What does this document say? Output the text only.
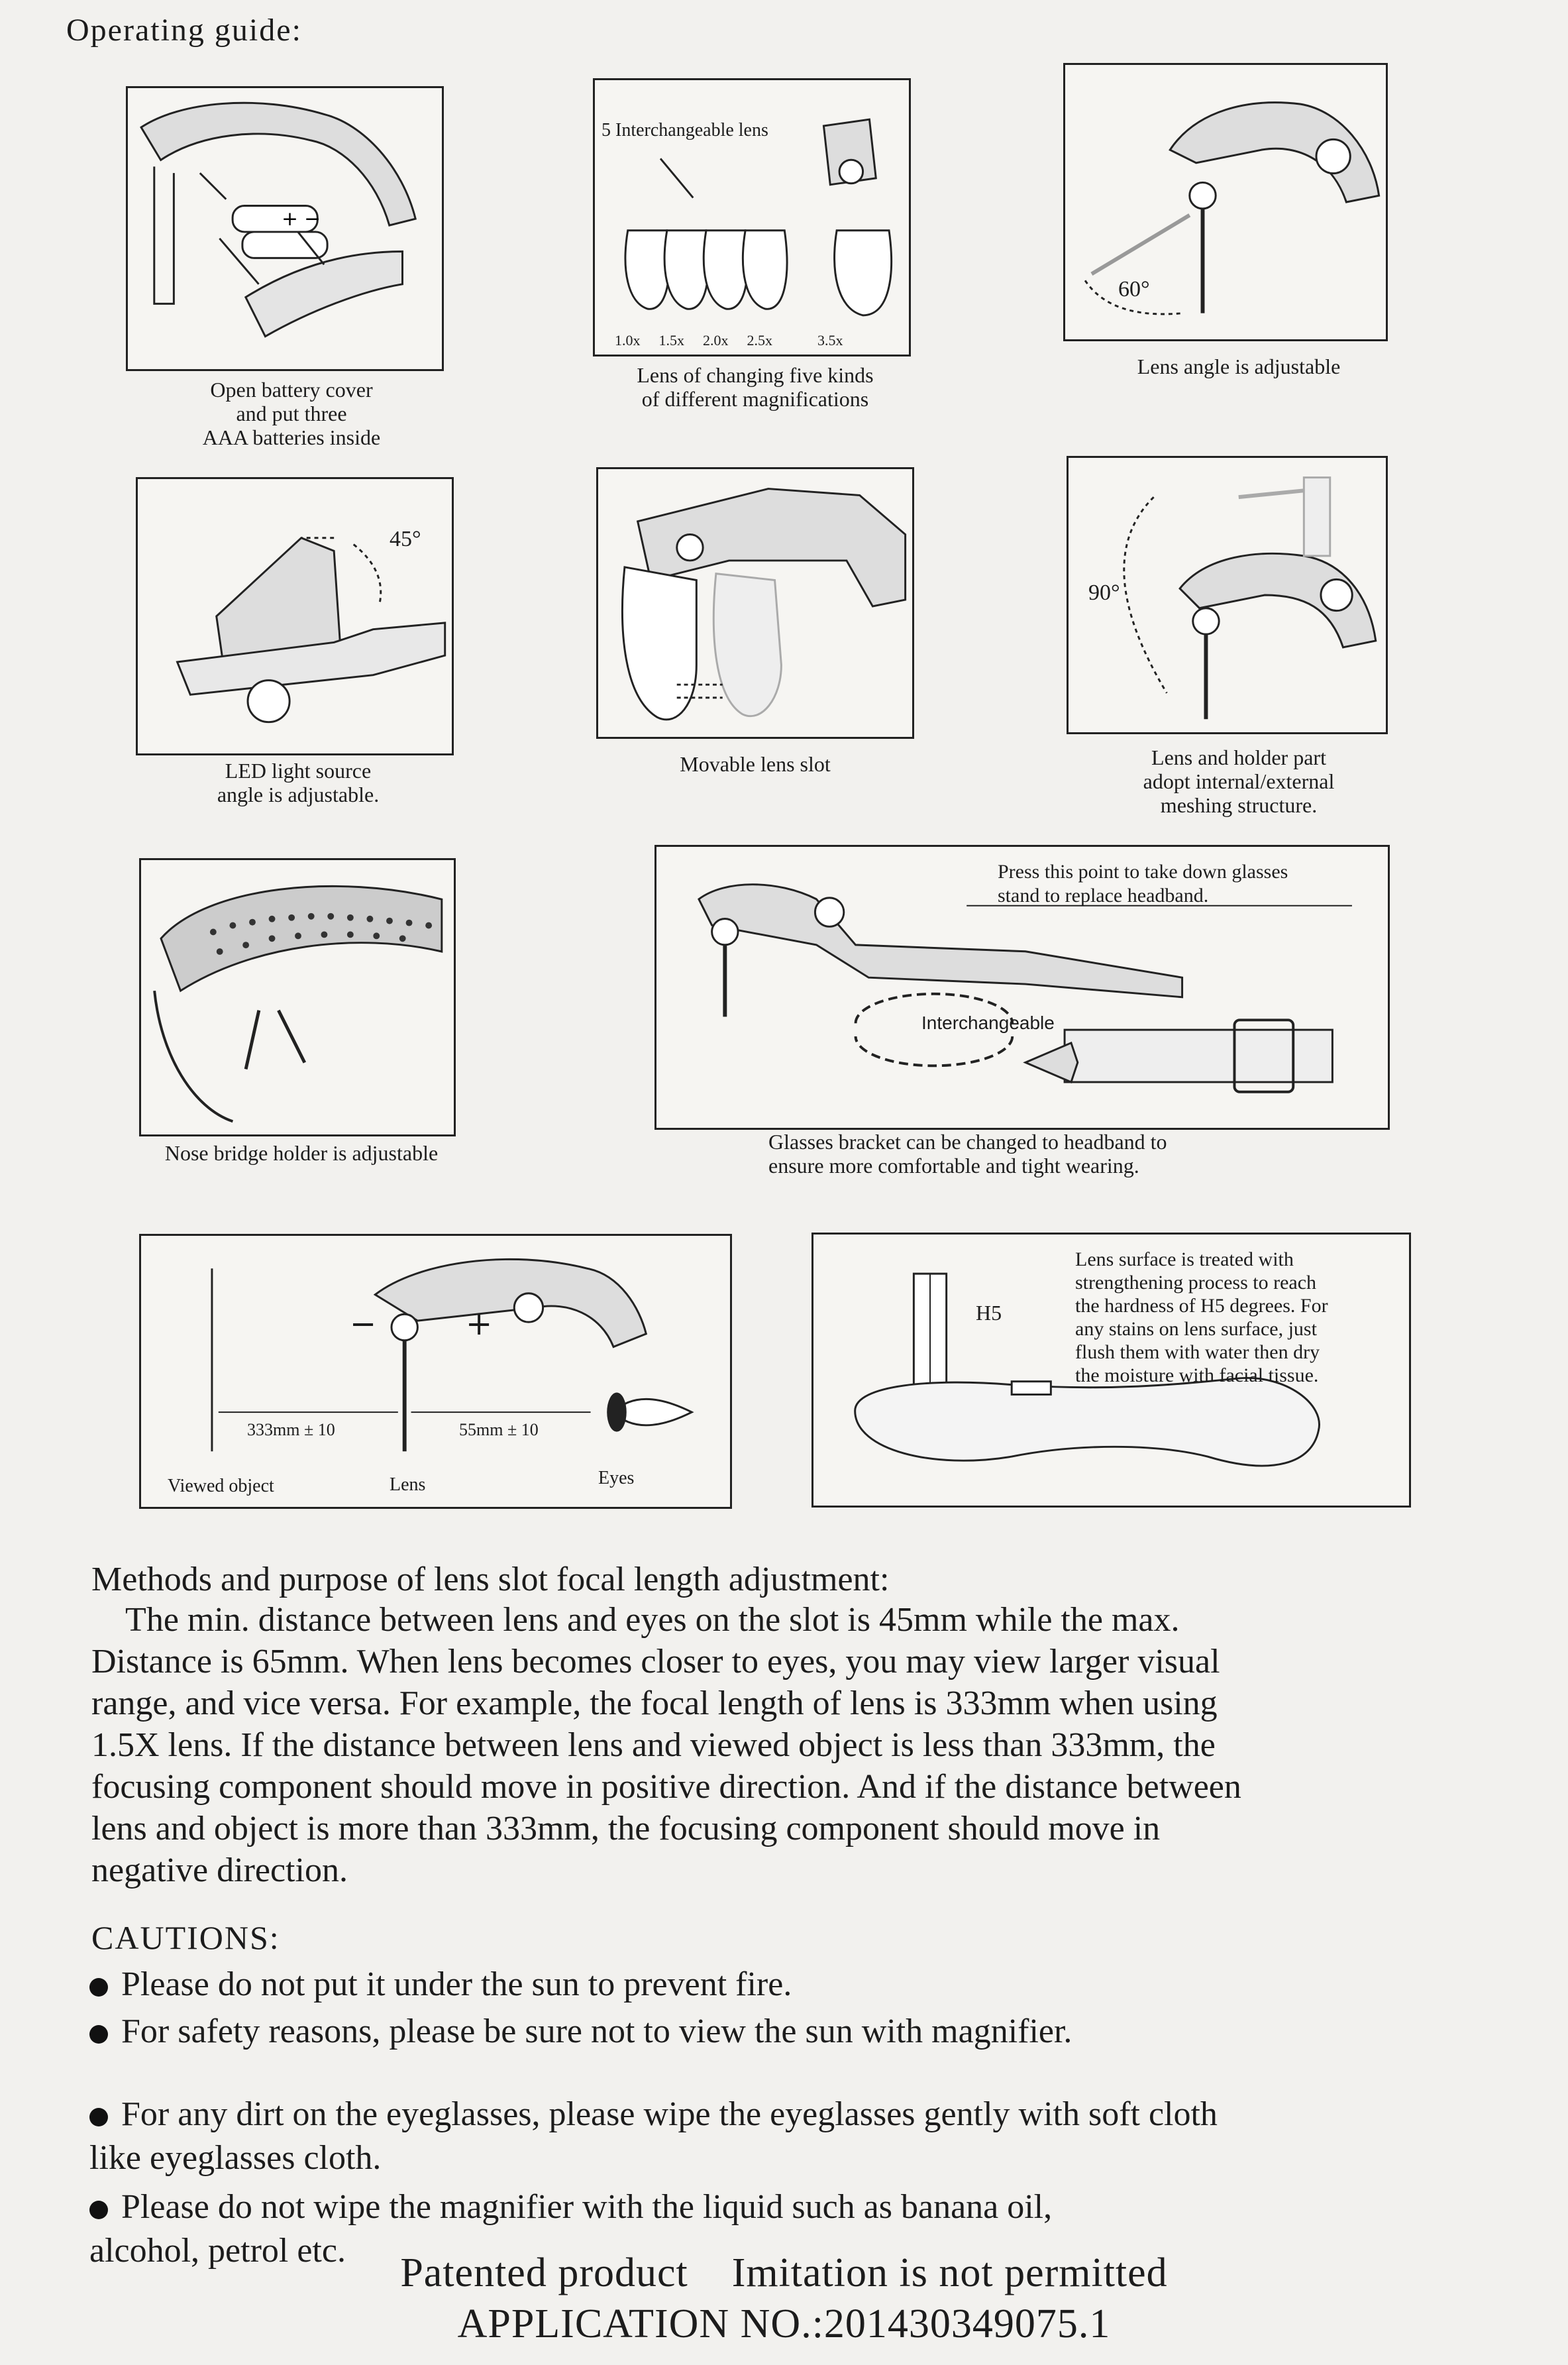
Operating guide:
+ −
Open battery cover
and put three
AAA batteries inside
5 Interchangeable lens
1.0x 1.5x 2.0x 2.5x	3.5x
Lens of changing five kinds
of different magnifications
60°
Lens angle is adjustable
45°
LED light source
angle is adjustable.
Movable lens slot
90°
Lens and holder part
adopt internal/external
meshing structure.
Nose bridge holder is adjustable
Press this point to take down glasses
stand to replace headband.
Interchangeable
Glasses bracket can be changed to headband to
ensure more comfortable and tight wearing.
−	+
333mm ± 10	55mm ± 10
Viewed object	Lens	Eyes
H5
Lens surface is treated with
strengthening process to reach
the hardness of H5 degrees. For
any stains on lens surface, just
flush them with water then dry
the moisture with facial tissue.
Methods and purpose of lens slot focal length adjustment:
The min. distance between lens and eyes on the slot is 45mm while the max.
Distance is 65mm. When lens becomes closer to eyes, you may view larger visual
range, and vice versa. For example, the focal length of lens is 333mm when using
1.5X lens. If the distance between lens and viewed object is less than 333mm, the
focusing component should move in positive direction. And if the distance between
lens and object is more than 333mm, the focusing component should move in
negative direction.
CAUTIONS:
Please do not put it under the sun to prevent fire.
For safety reasons, please be sure not to view the sun with magnifier.

For any dirt on the eyeglasses, please wipe the eyeglasses gently with soft cloth
like eyeglasses cloth.

Please do not wipe the magnifier with the liquid such as banana oil,
alcohol, petrol etc.	Patented product    Imitation is not permitted
APPLICATION NO.:201430349075.1
